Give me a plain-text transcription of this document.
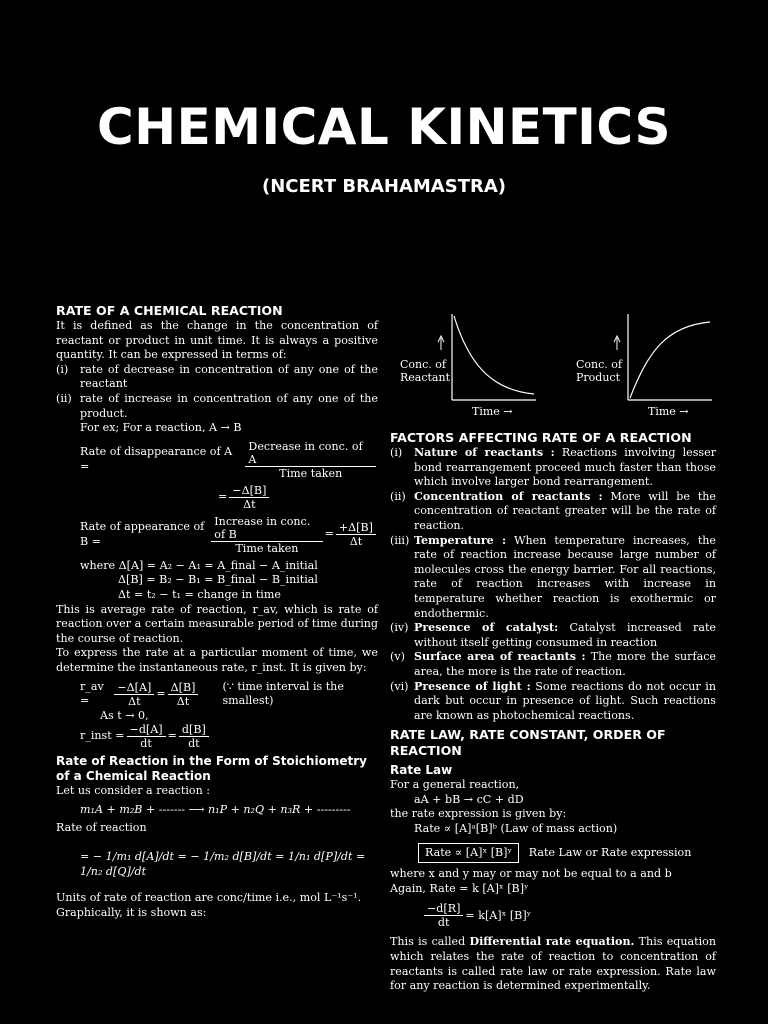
CHEMICAL KINETICS
(NCERT BRAHAMASTRA)

RATE OF A CHEMICAL REACTION

It is defined as the change in the concentration of reactant or product in unit time. It is always a positive quantity. It can be expressed in terms of:

(i)	rate of decrease in concentration of any one of the reactant
(ii) rate of increase in concentration of any one of the product.

For ex; For a reaction, A → B

Rate of disappearance of A =	$\frac{\text{Decrease in conc. of A}}{\text{Time taken}}$
= $\frac{-\Delta[B]}{\Delta t}$
Rate of appearance of B =	$\frac{\text{Increase in conc. of B}}{\text{Time taken}} = \frac{+\Delta[B]}{\Delta t}$

where Δ[A] = A₂ − A₁ = A_final − A_initial

Δ[B] = B₂ − B₁ = B_final − B_initial

Δt = t₂ − t₁ = change in time

This is average rate of reaction, r_av, which is rate of reaction over a certain measurable period of time during the course of reaction.

To express the rate at a particular moment of time, we determine the instantaneous rate, r_inst. It is given by:

r_av =	$\frac{-\Delta[A]}{\Delta t} = \frac{\Delta[B]}{\Delta t}$ (∵ time interval is the smallest)

As t → 0,

r_inst = $\frac{-d[A]}{dt} = \frac{d[B]}{dt}$

Rate of Reaction in the Form of Stoichiometry of a Chemical Reaction

Let us consider a reaction :

m₁A + m₂B + ------- ⟶ n₁P + n₂Q + n₃R + ---------

Rate of reaction

= − 1/m₁ d[A]/dt = − 1/m₂ d[B]/dt = 1/n₁ d[P]/dt = 1/n₂ d[Q]/dt

Units of rate of reaction are conc/time i.e., mol L⁻¹s⁻¹.

Graphically, it is shown as:

Conc. of Reactant
Time →
Conc. of Product
Time →

FACTORS AFFECTING RATE OF A REACTION

(i)	Nature of reactants : Reactions involving lesser bond rearrangement proceed much faster than those which involve larger bond rearrangement.
(ii) Concentration of reactants : More will be the concentration of reactant greater will be the rate of reaction.
(iii) Temperature : When temperature increases, the rate of reaction increase because large number of molecules cross the energy barrier. For all reactions, rate of reaction increases with increase in temperature whether reaction is exothermic or endothermic.
(iv) Presence of catalyst: Catalyst increased rate without itself getting consumed in reaction
(v) Surface area of reactants : The more the surface area, the more is the rate of reaction.
(vi) Presence of light : Some reactions do not occur in dark but occur in presence of light. Such reactions are known as photochemical reactions.

RATE LAW, RATE CONSTANT, ORDER OF REACTION

Rate Law

For a general reaction,

aA + bB → cC + dD

the rate expression is given by:

Rate ∝ [A]ᵃ[B]ᵇ (Law of mass action)

Rate ∝ [A]ˣ [B]ʸ Rate Law or Rate expression

where x and y may or may not be equal to a and b

Again, Rate = k [A]ˣ [B]ʸ

$\frac{-d[R]}{dt}$ = k[A]ˣ [B]ʸ

This is called Differential rate equation. This equation which relates the rate of reaction to concentration of reactants is called rate law or rate expression. Rate law for any reaction is determined experimentally.
